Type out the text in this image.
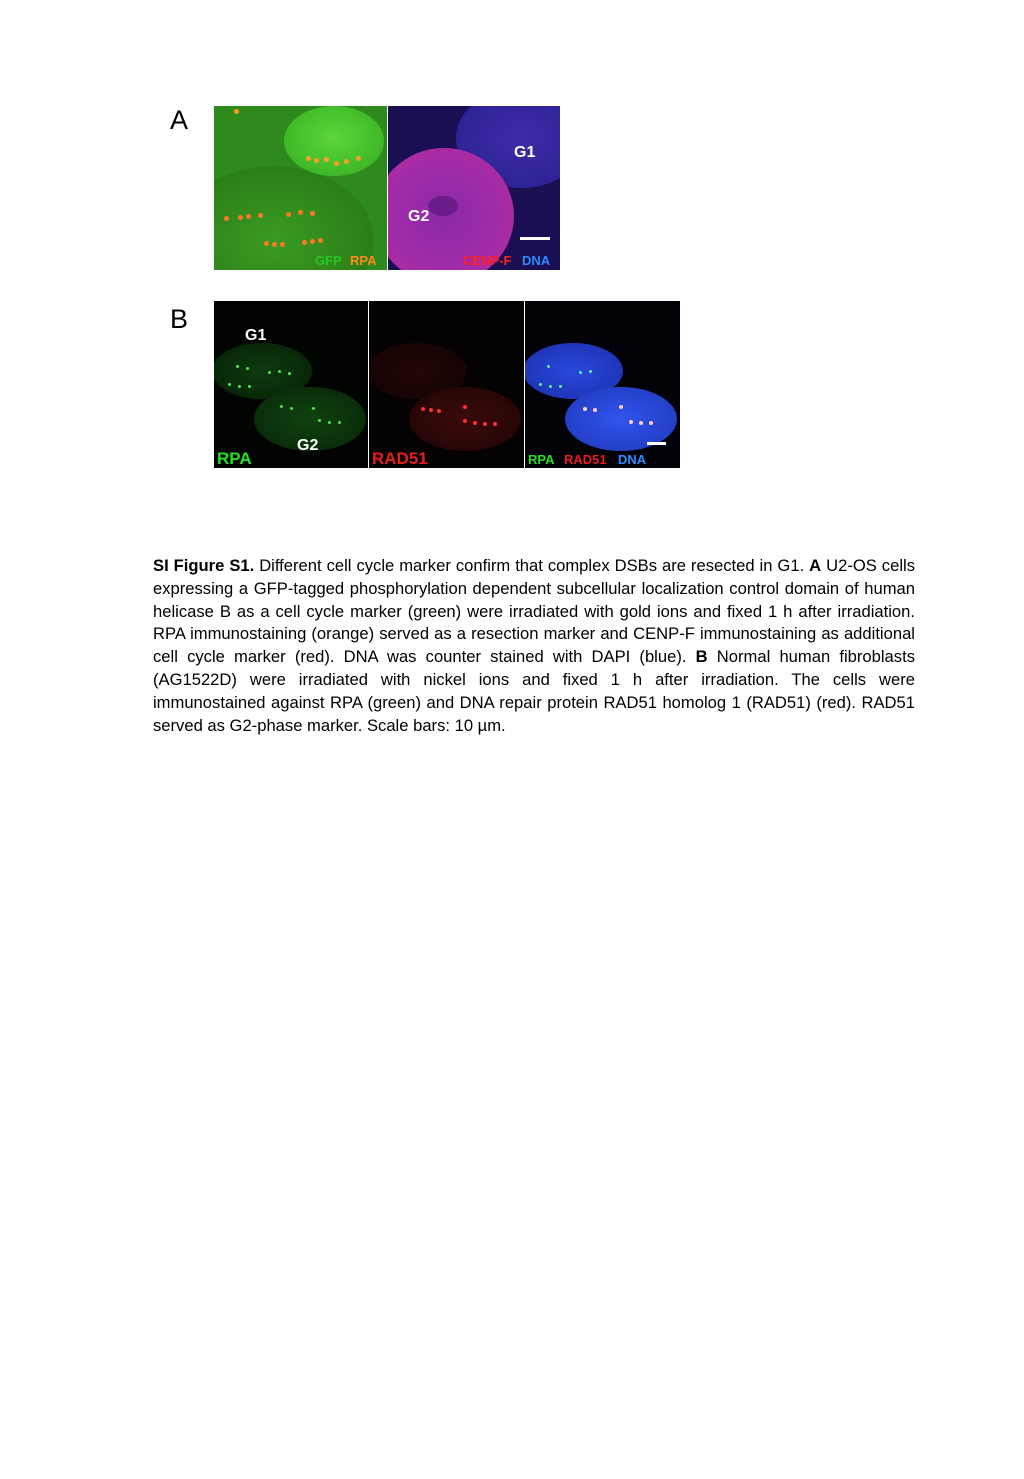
A
GFP RPA
G1
G2
CENP-F DNA
B
G1
G2
RPA	RAD51	RPA RAD51 DNA
SI Figure S1. Different cell cycle marker confirm that complex DSBs are resected in G1. A U2-OS cells expressing a GFP-tagged phosphorylation dependent subcellular localization control domain of human helicase B as a cell cycle marker (green) were irradiated with gold ions and fixed 1 h after irradiation. RPA immunostaining (orange) served as a resection marker and CENP-F immunostaining as additional cell cycle marker (red). DNA was counter stained with DAPI (blue). B Normal human fibroblasts (AG1522D) were irradiated with nickel ions and fixed 1 h after irradiation. The cells were immunostained against RPA (green) and DNA repair protein RAD51 homolog 1 (RAD51) (red). RAD51 served as G2-phase marker. Scale bars: 10 µm.
